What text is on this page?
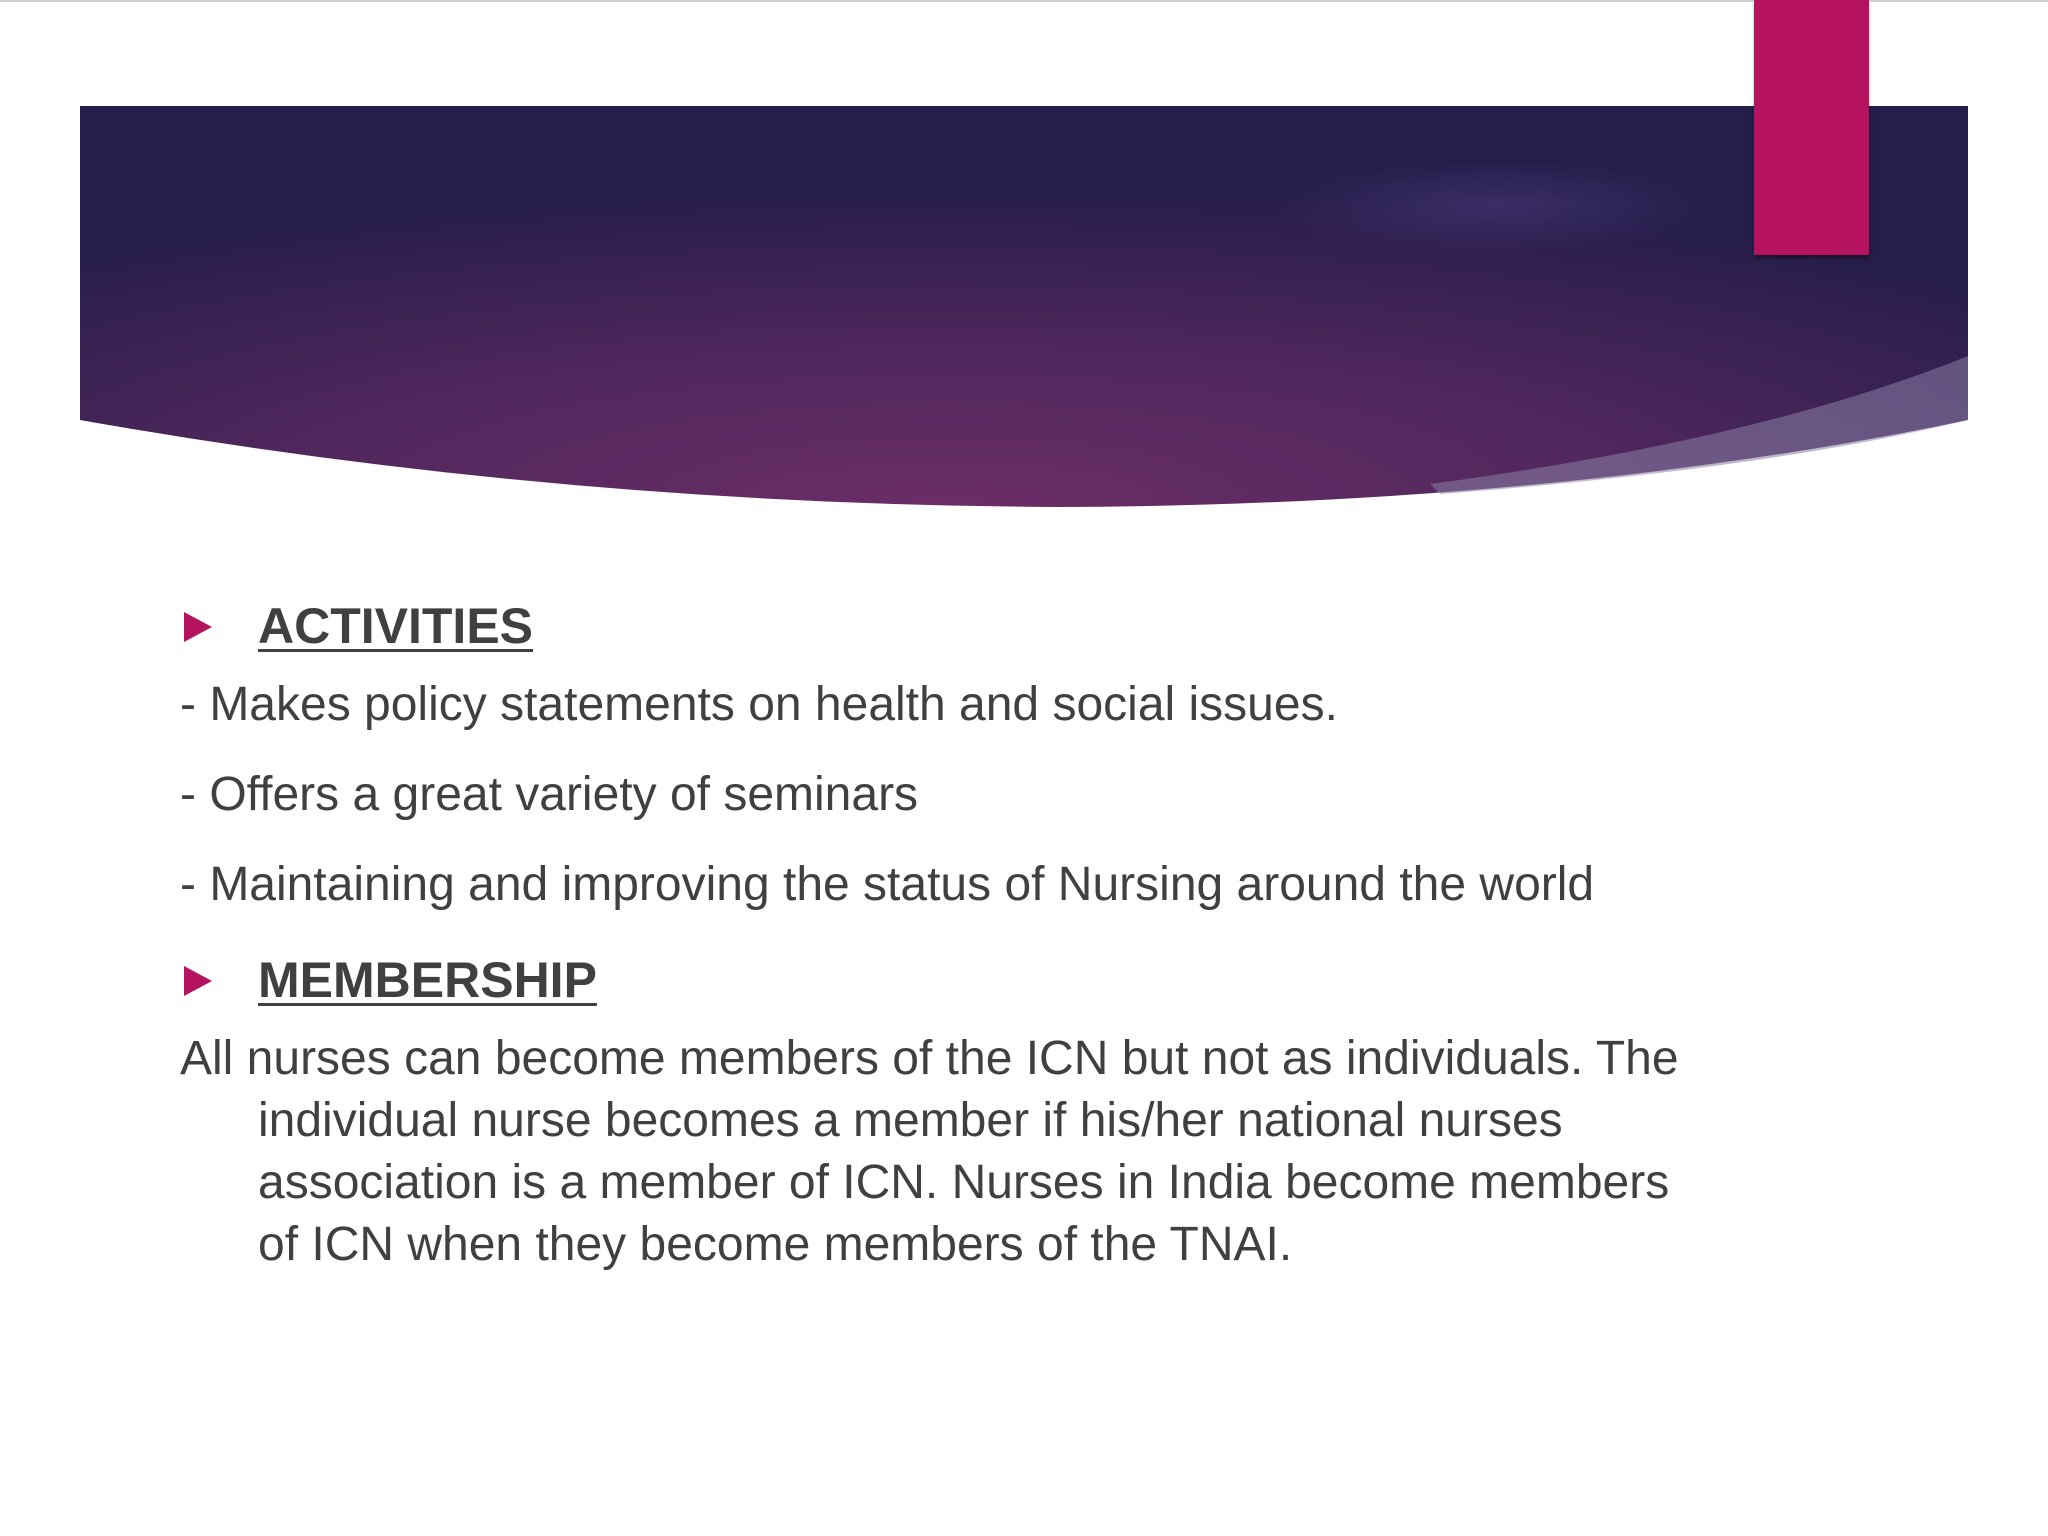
ACTIVITIES
- Makes policy statements on health and social issues.
- Offers a great variety of seminars
- Maintaining and improving the status of Nursing around the world
MEMBERSHIP
All nurses can become members of the ICN but not as individuals. The individual nurse becomes a member if his/her national nurses association is a member of ICN. Nurses in India become members of ICN when they become members of the TNAI.
